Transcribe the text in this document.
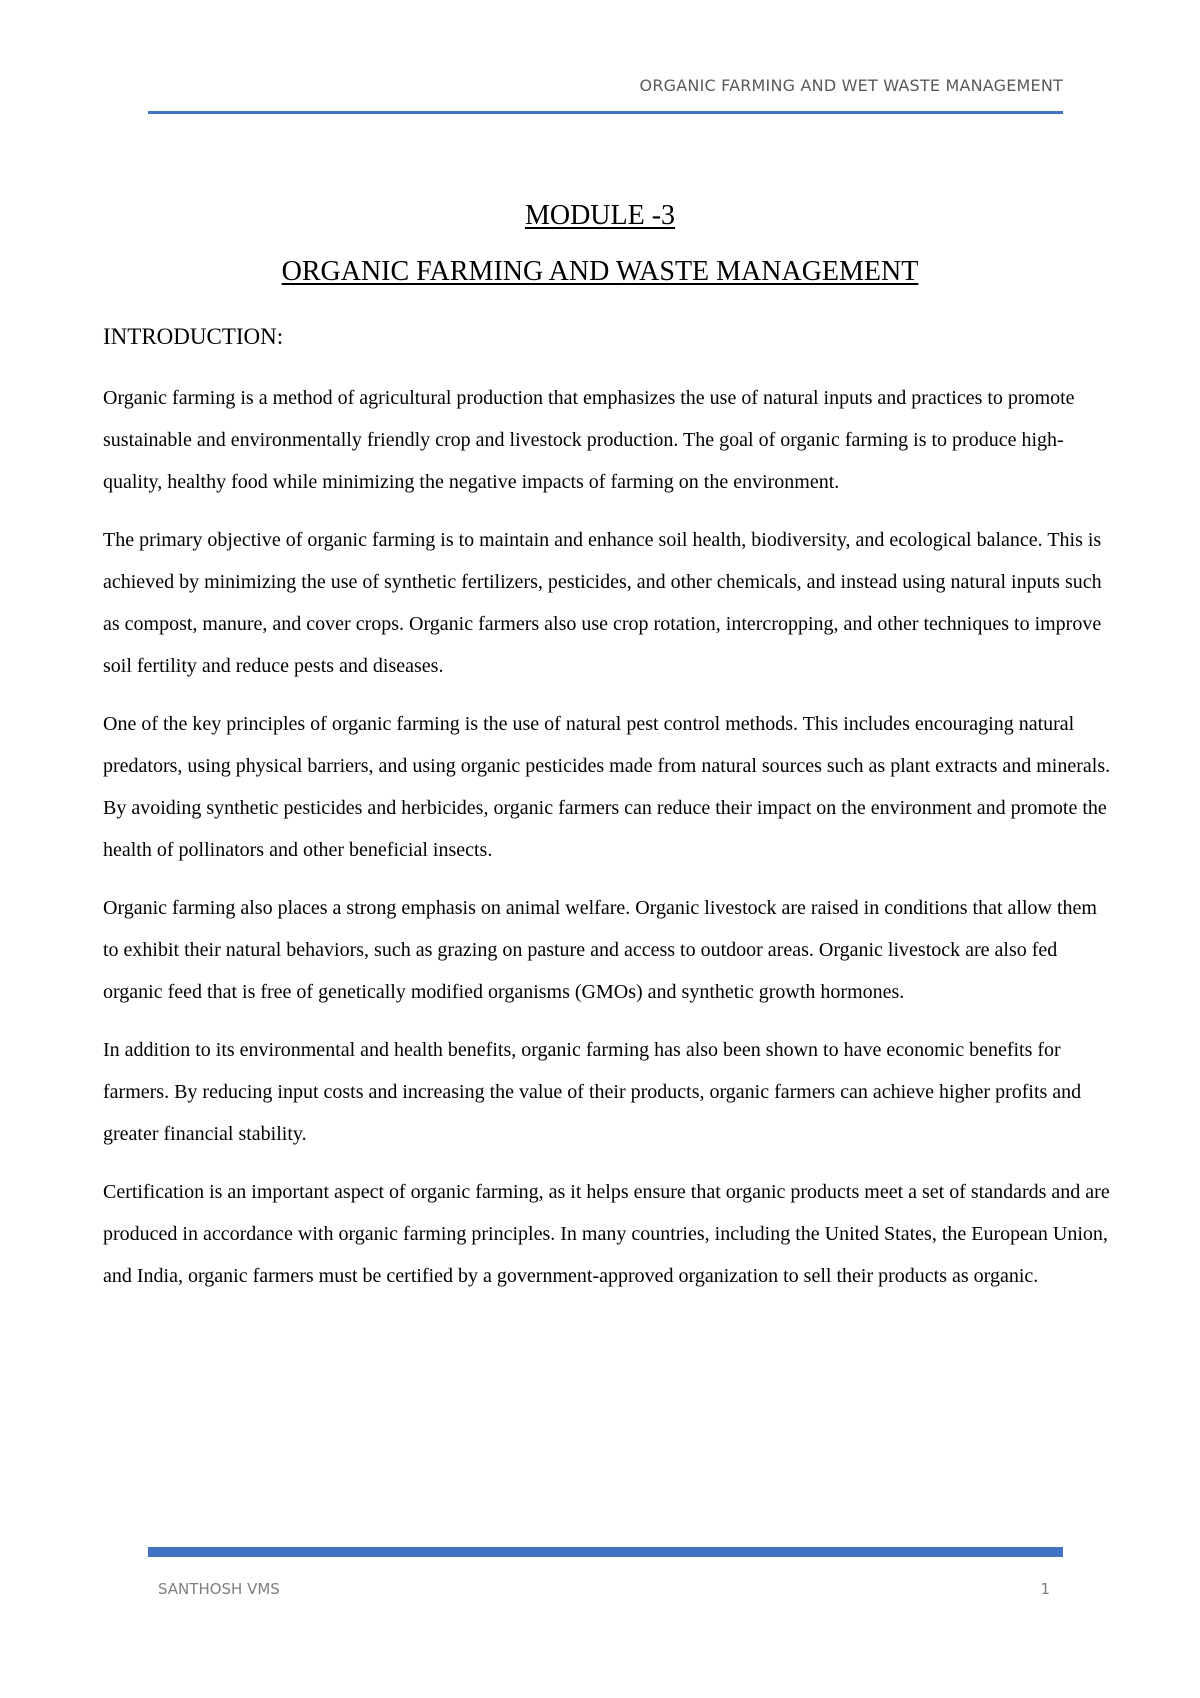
ORGANIC FARMING AND WET WASTE MANAGEMENT
MODULE -3
ORGANIC FARMING AND WASTE MANAGEMENT
INTRODUCTION:

Organic farming is a method of agricultural production that emphasizes the use of natural inputs and practices to promote sustainable and environmentally friendly crop and livestock production. The goal of organic farming is to produce high-quality, healthy food while minimizing the negative impacts of farming on the environment.

The primary objective of organic farming is to maintain and enhance soil health, biodiversity, and ecological balance. This is achieved by minimizing the use of synthetic fertilizers, pesticides, and other chemicals, and instead using natural inputs such as compost, manure, and cover crops. Organic farmers also use crop rotation, intercropping, and other techniques to improve soil fertility and reduce pests and diseases.

One of the key principles of organic farming is the use of natural pest control methods. This includes encouraging natural predators, using physical barriers, and using organic pesticides made from natural sources such as plant extracts and minerals. By avoiding synthetic pesticides and herbicides, organic farmers can reduce their impact on the environment and promote the health of pollinators and other beneficial insects.

Organic farming also places a strong emphasis on animal welfare. Organic livestock are raised in conditions that allow them to exhibit their natural behaviors, such as grazing on pasture and access to outdoor areas. Organic livestock are also fed organic feed that is free of genetically modified organisms (GMOs) and synthetic growth hormones.

In addition to its environmental and health benefits, organic farming has also been shown to have economic benefits for farmers. By reducing input costs and increasing the value of their products, organic farmers can achieve higher profits and greater financial stability.

Certification is an important aspect of organic farming, as it helps ensure that organic products meet a set of standards and are produced in accordance with organic farming principles. In many countries, including the United States, the European Union, and India, organic farmers must be certified by a government-approved organization to sell their products as organic.

SANTHOSH VMS	1
